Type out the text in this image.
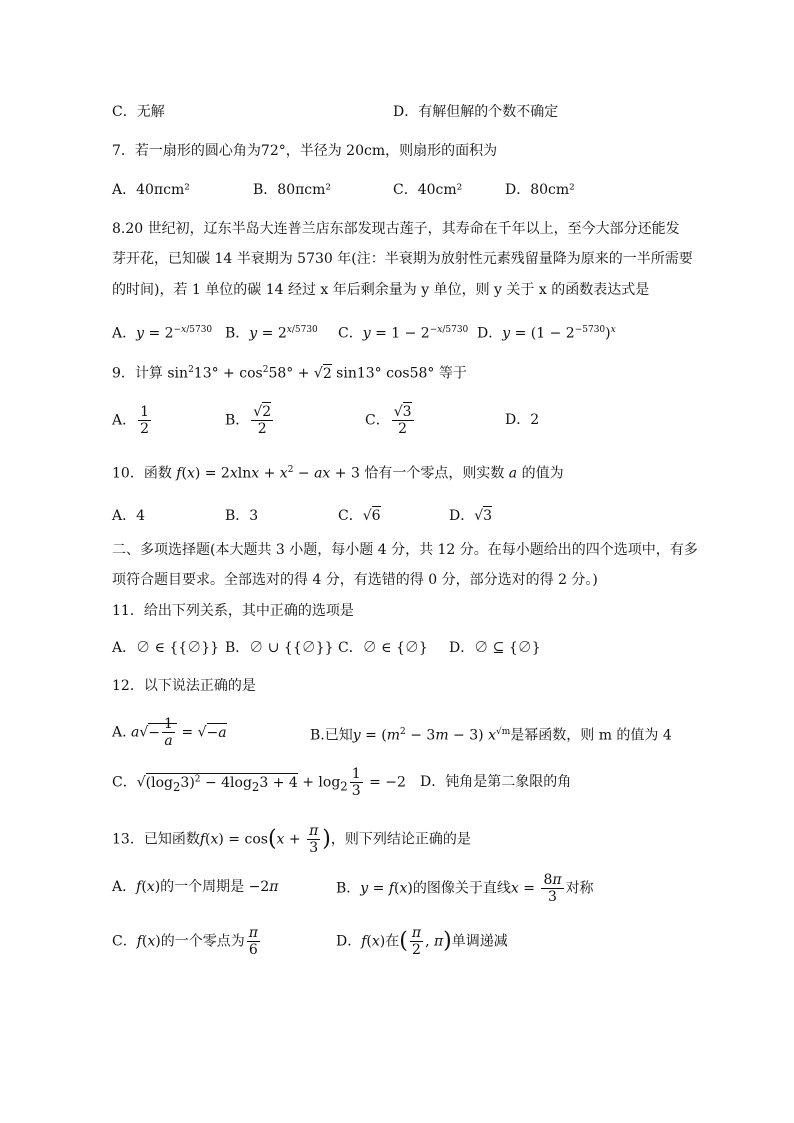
C．无解	D．有解但解的个数不确定
7．若一扇形的圆心角为72°，半径为 20cm，则扇形的面积为
A．40πcm²	B．80πcm²	C．40cm²	D．80cm²
8.20 世纪初，辽东半岛大连普兰店东部发现古莲子，其寿命在千年以上，至今大部分还能发
芽开花，已知碳 14 半衰期为 5730 年(注：半衰期为放射性元素残留量降为原来的一半所需要
的时间)，若 1 单位的碳 14 经过 x 年后剩余量为 y 单位，则 y 关于 x 的函数表达式是
A．$y = 2^{-x/5730}$ B．$y = 2^{x/5730}$ C．$y = 1 - 2^{-x/5730}$ D．$y = (1 - 2^{-5730})^x$
9．计算 $\sin^213^\circ + \cos^258^\circ + √2$ sin13° cos58° 等于
A． $\frac{1}{2}$	B． $\frac{√2}{2}$	C． $\frac{√3}{2}$	D．2
10．函数 $f(x) = 2xlnx + x^2$ − ax + 3 恰有一个零点，则实数 a 的值为
A．4	B．3	C．√6	D．√3
二、多项选择题(本大题共 3 小题，每小题 4 分，共 12 分。在每小题给出的四个选项中，有多
项符合题目要求。全部选对的得 4 分，有选错的得 0 分，部分选对的得 2 分。)
11．给出下列关系，其中正确的选项是
A．∅ ∈ {{∅}} B．∅ ∪ {{∅}} C．∅ ∈ {∅} D．∅ ⊆ {∅}
12．以下说法正确的是
A. $a√- \frac{1}{a} = √-a$	B.已知$y = (m^2 - 3m - 3)$ $x^{√m}$是幂函数，则 m 的值为 4
C．$√(\log_23)^2 - 4\log_23 + 4 + \log_2 \frac{1}{3} = -2$ D．钝角是第二象限的角
13．已知函数$f(x) = \cos(x + \frac{\pi}{3}$ )，则下列结论正确的是
A．f(x)的一个周期是 −2π	B．y = f(x)的图像关于直线$x = \frac{8\pi}{3}$ 对称
C．f(x)的一个零点为 $\frac{\pi}{6}$	D．f(x)在( $\frac{\pi}{2}$ , π)单调递减
